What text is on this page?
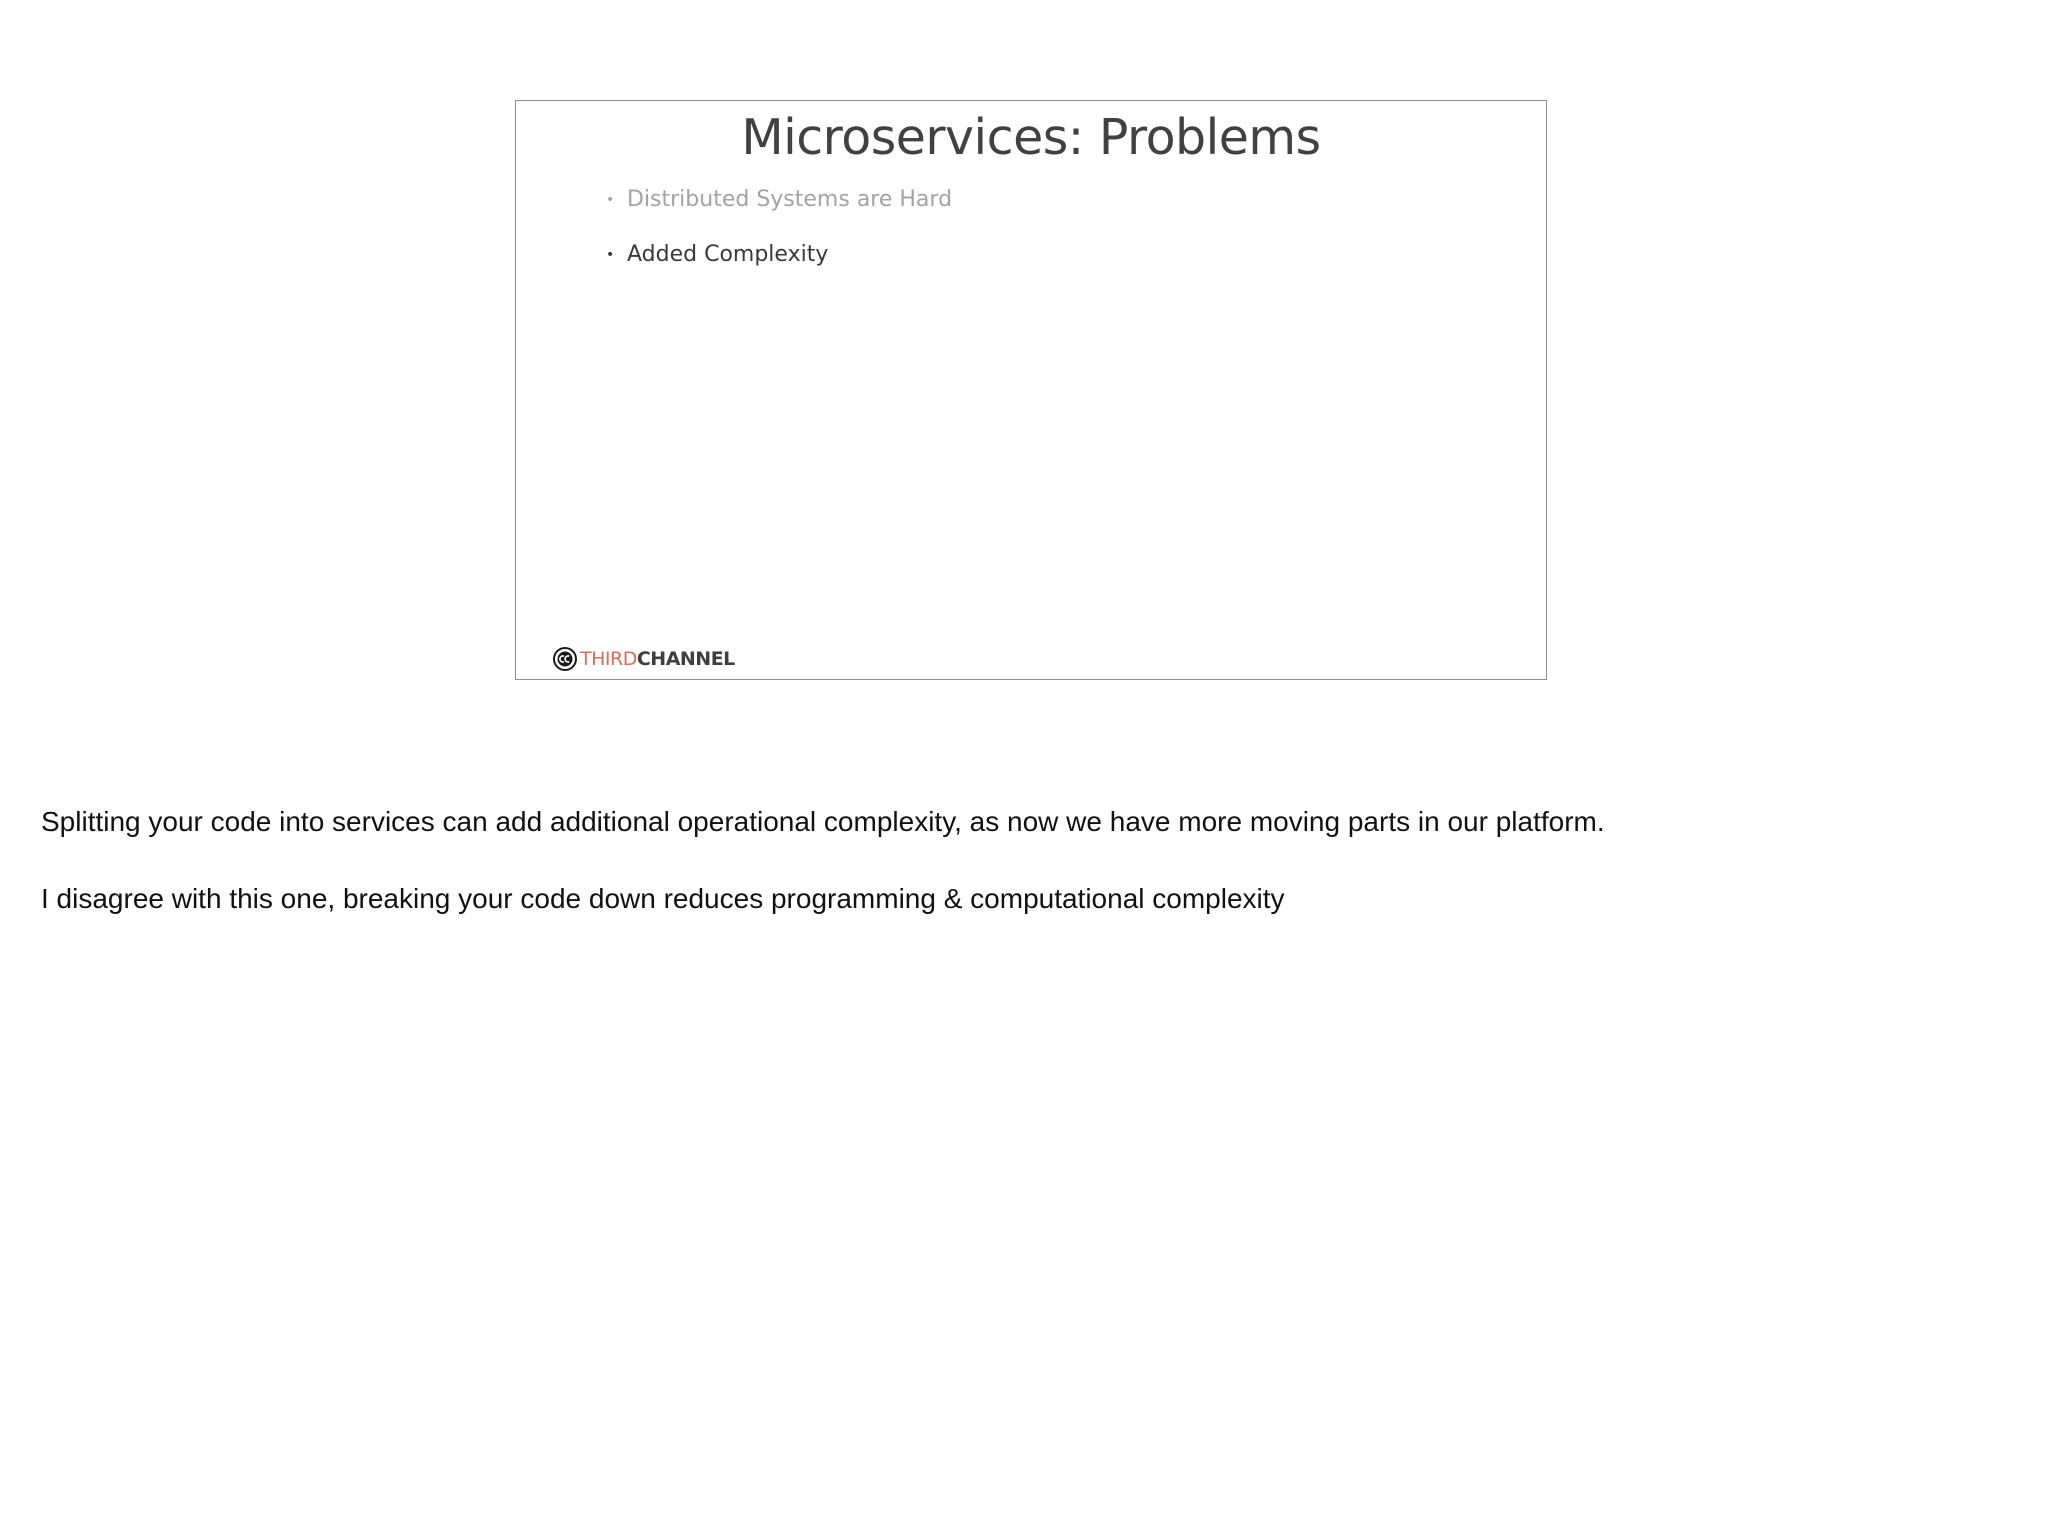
Microservices: Problems
• Distributed Systems are Hard
• Added Complexity
THIRDCHANNEL

Splitting your code into services can add additional operational complexity, as now we have more moving parts in our platform.

I disagree with this one, breaking your code down reduces programming & computational complexity
